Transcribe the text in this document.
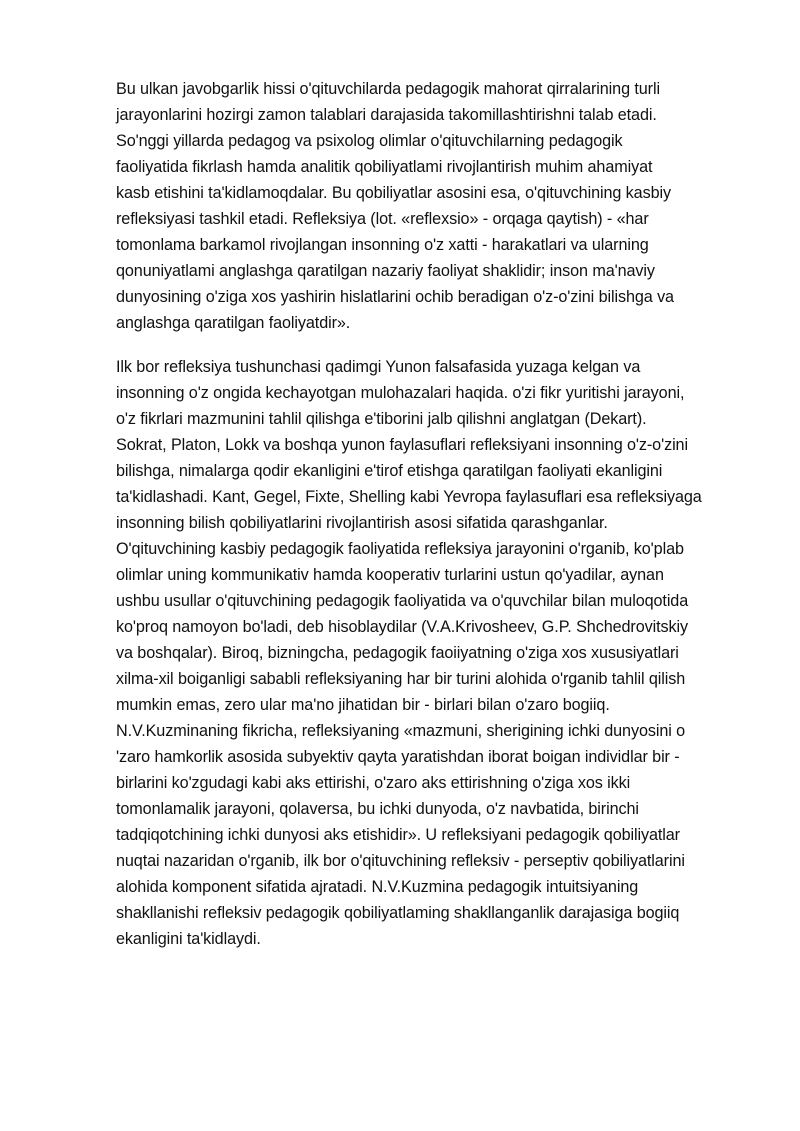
Bu ulkan javobgarlik hissi o'qituvchilarda pedagogik mahorat qirralarining turli
jarayonlarini hozirgi zamon talablari darajasida takomillashtirishni talab etadi.
So'nggi yillarda pedagog va psixolog olimlar o'qituvchilarning pedagogik
faoliyatida fikrlash hamda analitik qobiliyatlami rivojlantirish muhim ahamiyat
kasb etishini ta'kidlamoqdalar. Bu qobiliyatlar asosini esa, o'qituvchining kasbiy
refleksiyasi tashkil etadi. Refleksiya (lot. «reflexsio» - orqaga qaytish) - «har
tomonlama barkamol rivojlangan insonning o'z xatti - harakatlari va ularning
qonuniyatlami anglashga qaratilgan nazariy faoliyat shaklidir; inson ma'naviy
dunyosining o'ziga xos yashirin hislatlarini ochib beradigan o'z-o'zini bilishga va
anglashga qaratilgan faoliyatdir».
Ilk bor refleksiya tushunchasi qadimgi Yunon falsafasida yuzaga kelgan va
insonning o'z ongida kechayotgan mulohazalari haqida. o'zi fikr yuritishi jarayoni,
o'z fikrlari mazmunini tahlil qilishga e'tiborini jalb qilishni anglatgan (Dekart).
Sokrat, Platon, Lokk va boshqa yunon faylasuflari refleksiyani insonning o'z-o'zini
bilishga, nimalarga qodir ekanligini e'tirof etishga qaratilgan faoliyati ekanligini
ta'kidlashadi. Kant, Gegel, Fixte, Shelling kabi Yevropa faylasuflari esa refleksiyaga
insonning bilish qobiliyatlarini rivojlantirish asosi sifatida qarashganlar.
O'qituvchining kasbiy pedagogik faoliyatida refleksiya jarayonini o'rganib, ko'plab
olimlar uning kommunikativ hamda kooperativ turlarini ustun qo'yadilar, aynan
ushbu usullar o'qituvchining pedagogik faoliyatida va o'quvchilar bilan muloqotida
ko'proq namoyon bo'ladi, deb hisoblaydilar (V.A.Krivosheev, G.P. Shchedrovitskiy
va boshqalar). Biroq, bizningcha, pedagogik faoiiyatning o'ziga xos xususiyatlari
xilma-xil boiganligi sababli refleksiyaning har bir turini alohida o'rganib tahlil qilish
mumkin emas, zero ular ma'no jihatidan bir - birlari bilan o'zaro bogiiq.
N.V.Kuzminaning fikricha, refleksiyaning «mazmuni, sherigining ichki dunyosini o
'zaro hamkorlik asosida subyektiv qayta yaratishdan iborat boigan individlar bir -
birlarini ko'zgudagi kabi aks ettirishi, o'zaro aks ettirishning o'ziga xos ikki
tomonlamalik jarayoni, qolaversa, bu ichki dunyoda, o'z navbatida, birinchi
tadqiqotchining ichki dunyosi aks etishidir». U refleksiyani pedagogik qobiliyatlar
nuqtai nazaridan o'rganib, ilk bor o'qituvchining refleksiv - perseptiv qobiliyatlarini
alohida komponent sifatida ajratadi. N.V.Kuzmina pedagogik intuitsiyaning
shakllanishi refleksiv pedagogik qobiliyatlaming shakllanganlik darajasiga bogiiq
ekanligini ta'kidlaydi.
